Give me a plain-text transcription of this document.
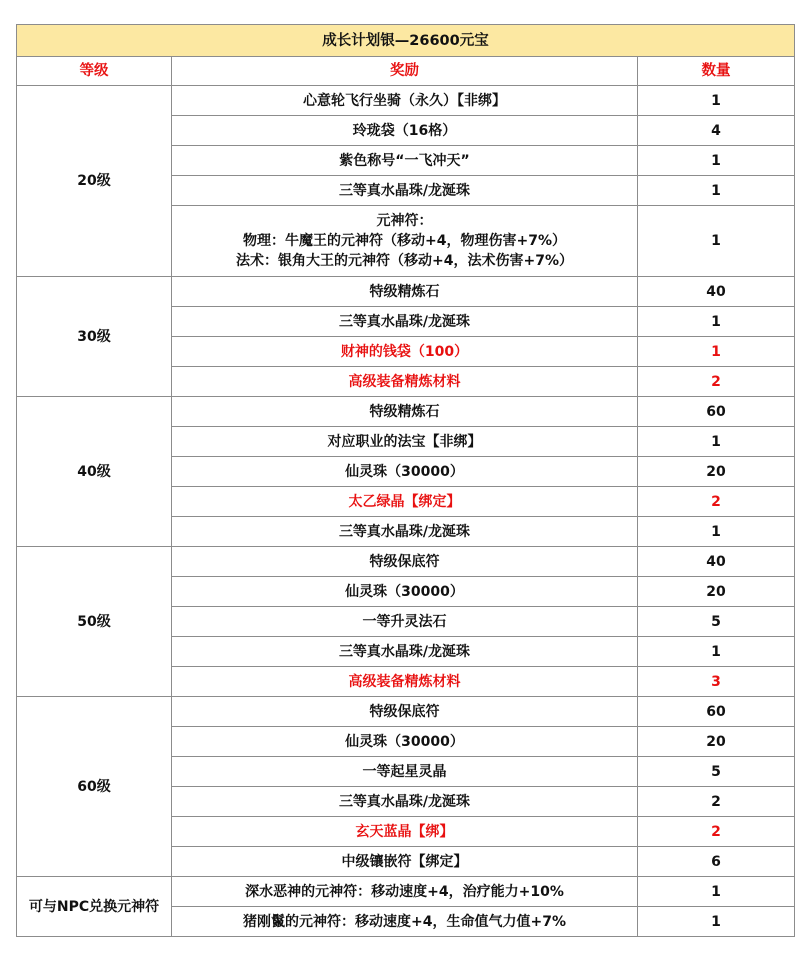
成长计划银—26600元宝		
等级	奖励	数量
20级	心意轮飞行坐骑（永久）【非绑】	1
	玲珑袋（16格）	4
	紫色称号“一飞冲天”	1
	三等真水晶珠/龙涎珠	1

	元神符：
物理：牛魔王的元神符（移动+4，物理伤害+7%）
法术：银角大王的元神符（移动+4，法术伤害+7%）	1
30级	特级精炼石	40
	三等真水晶珠/龙涎珠	1
	财神的钱袋（100）	1
	高级装备精炼材料	2
40级	特级精炼石	60
	对应职业的法宝【非绑】	1
	仙灵珠（30000）	20
	太乙绿晶【绑定】	2
	三等真水晶珠/龙涎珠	1
50级	特级保底符	40
	仙灵珠（30000）	20
	一等升灵法石	5
	三等真水晶珠/龙涎珠	1
	高级装备精炼材料	3
60级	特级保底符	60
	仙灵珠（30000）	20
	一等起星灵晶	5
	三等真水晶珠/龙涎珠	2
	玄天蓝晶【绑】	2
	中级镶嵌符【绑定】	6
可与NPC兑换元神符	深水恶神的元神符：移动速度+4，治疗能力+10%	1
	猪刚鬣的元神符：移动速度+4，生命值气力值+7%	1
